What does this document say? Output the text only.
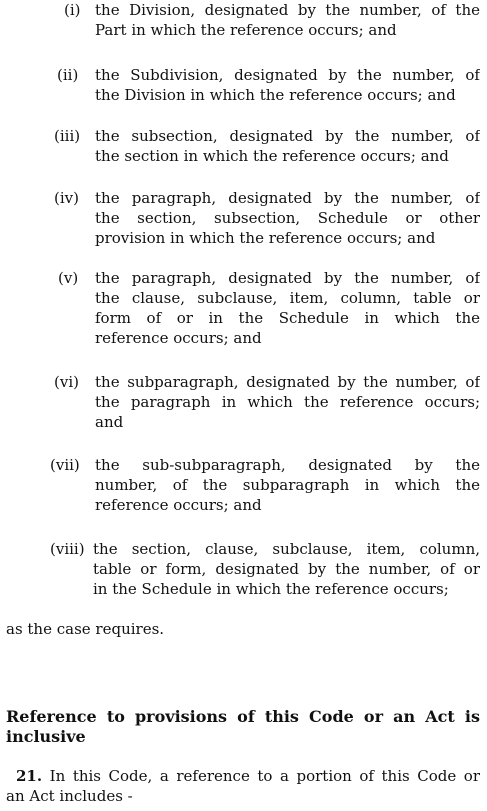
(i) the Division, designated by the number, of the
Part in which the reference occurs; and
(ii) the Subdivision, designated by the number, of
the Division in which the reference occurs; and
(iii) the subsection, designated by the number, of
the section in which the reference occurs; and
(iv) the paragraph, designated by the number, of
the section, subsection, Schedule or other
provision in which the reference occurs; and
(v) the paragraph, designated by the number, of
the clause, subclause, item, column, table or
form of or in the Schedule in which the
reference occurs; and
(vi) the subparagraph, designated by the number, of
the paragraph in which the reference occurs;
and
(vii) the sub-subparagraph, designated by the
number, of the subparagraph in which the
reference occurs; and
(viii) the section, clause, subclause, item, column,
table or form, designated by the number, of or
in the Schedule in which the reference occurs;
as the case requires.
Reference to provisions of this Code or an Act is
inclusive
21. In this Code, a reference to a portion of this Code or
an Act includes -
